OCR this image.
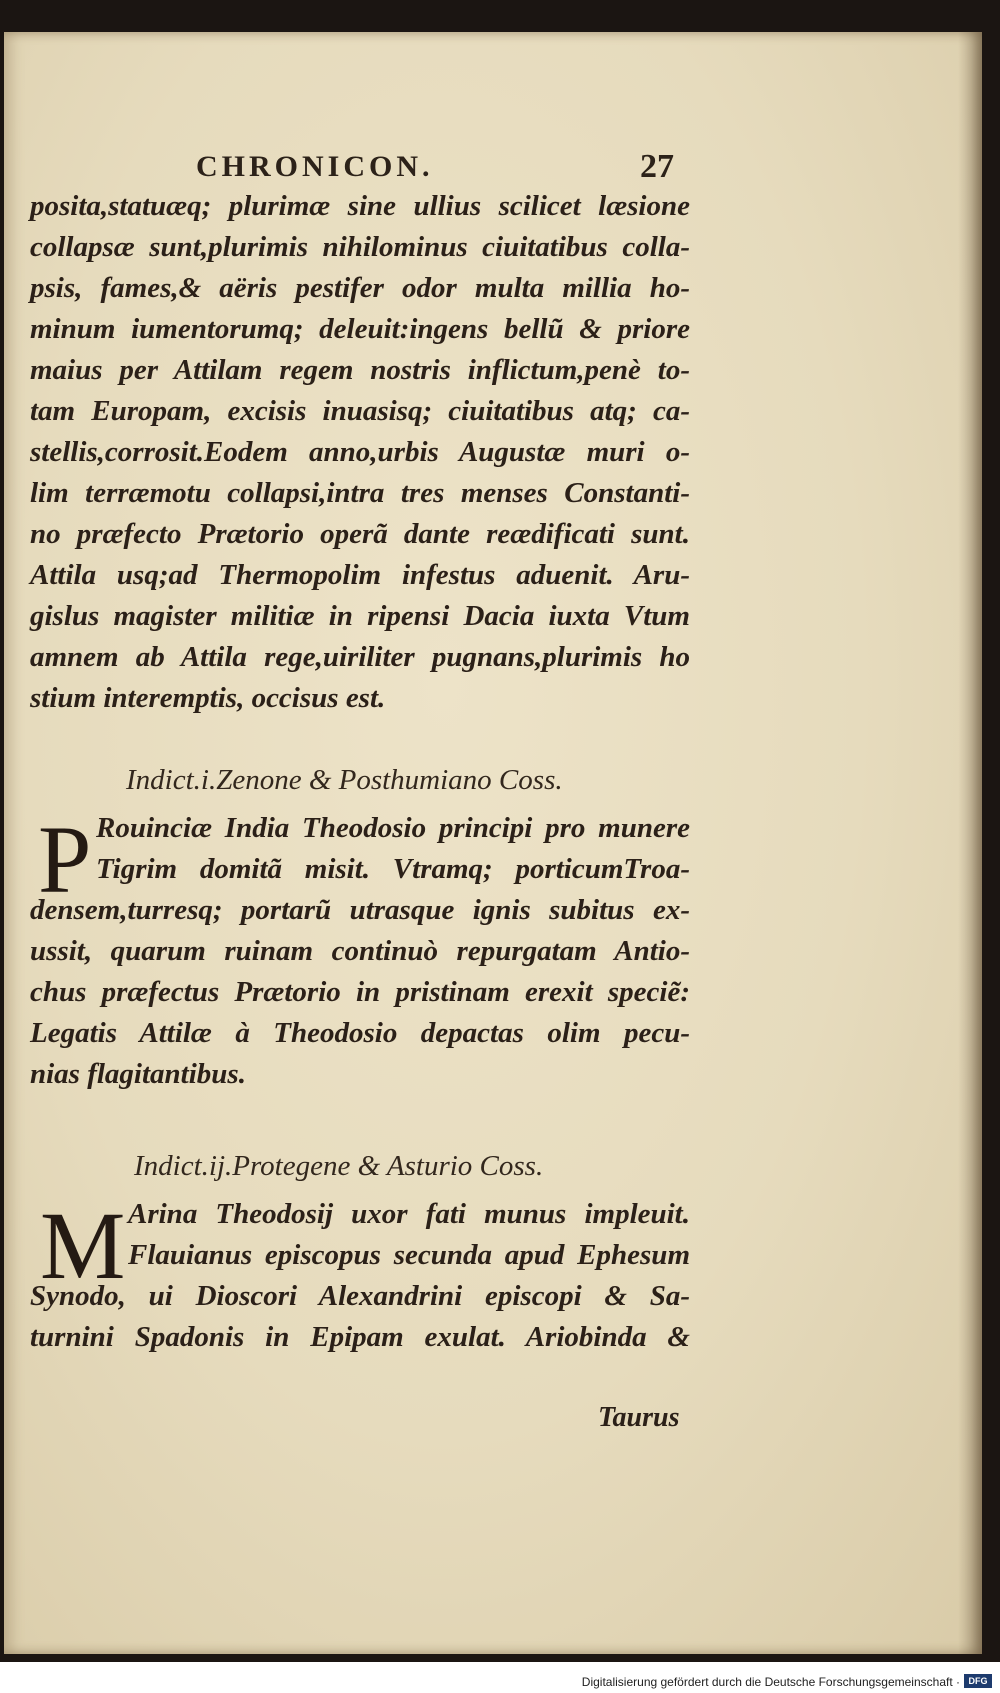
CHRONICON.	27
posita,statuæq; plurimæ sine ullius scilicet læsione
collapsæ sunt,plurimis nihilominus ciuitatibus colla-
psis, fames,& aëris pestifer odor multa millia ho-
minum iumentorumq; deleuit:ingens bellũ & priore
maius per Attilam regem nostris inflictum,penè to-
tam Europam, excisis inuasisq; ciuitatibus atq; ca-
stellis,corrosit.Eodem anno,urbis Augustæ muri o-
lim terræmotu collapsi,intra tres menses Constanti-
no præfecto Prætorio operã dante reædificati sunt.
Attila usq;ad Thermopolim infestus aduenit. Aru-
gislus magister militiæ in ripensi Dacia iuxta Vtum
amnem ab Attila rege,uiriliter pugnans,plurimis ho
stium interemptis, occisus est.
Indict.i.Zenone & Posthumiano Coss.
P Rouinciæ India Theodosio principi pro munere
Tigrim domitã misit. Vtramq; porticumTroa-
densem,turresq; portarũ utrasque ignis subitus ex-
ussit, quarum ruinam continuò repurgatam Antio-
chus præfectus Prætorio in pristinam erexit speciẽ:
Legatis Attilæ à Theodosio depactas olim pecu-
nias flagitantibus.
Indict.ij.Protegene & Asturio Coss.
M Arina Theodosij uxor fati munus impleuit.
Flauianus episcopus secunda apud Ephesum
Synodo, ui Dioscori Alexandrini episcopi & Sa-
turnini Spadonis in Epipam exulat. Ariobinda &
Taurus
Digitalisierung gefördert durch die Deutsche Forschungsgemeinschaft · DFG
